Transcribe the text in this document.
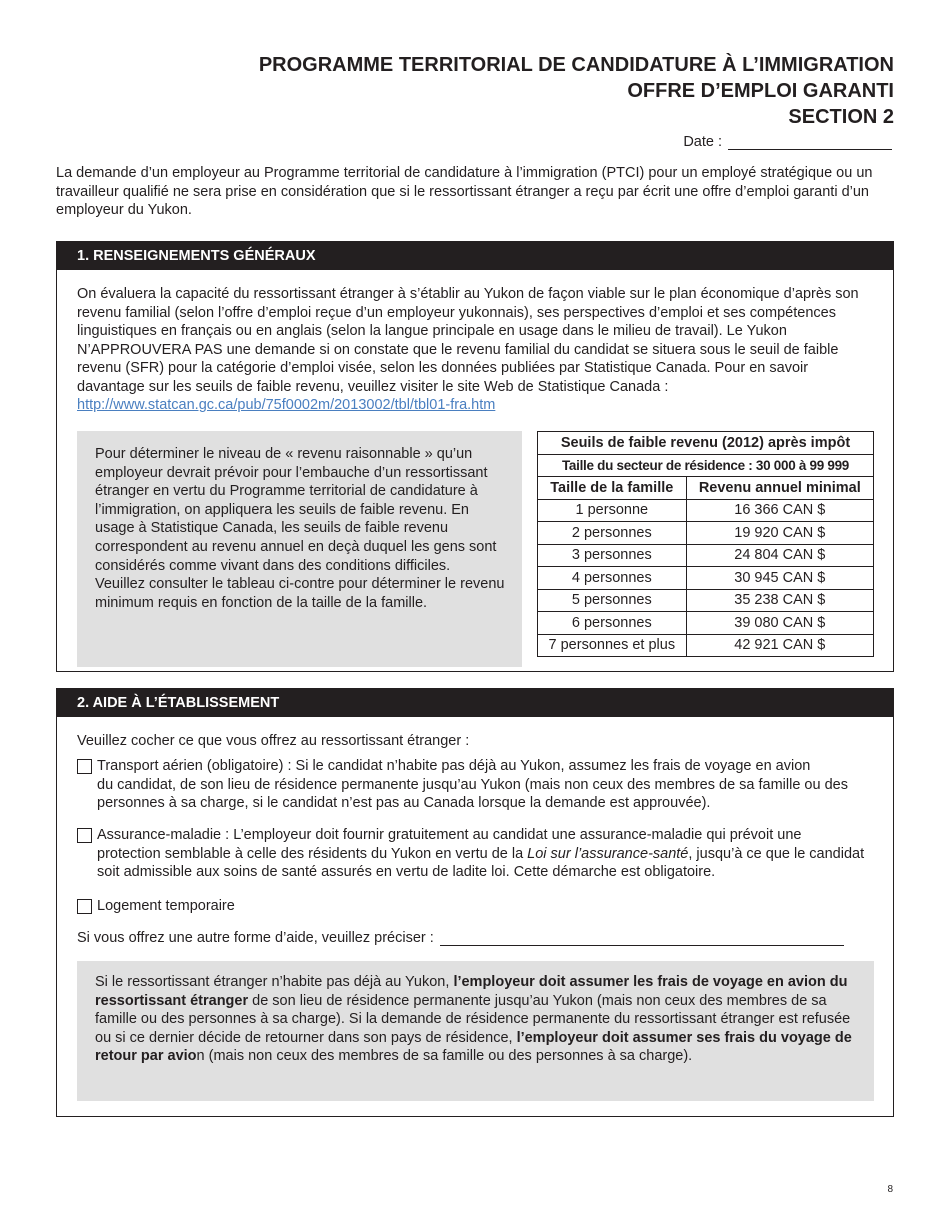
PROGRAMME TERRITORIAL DE CANDIDATURE À L’IMMIGRATION
OFFRE D’EMPLOI GARANTI
SECTION 2
Date :
La demande d’un employeur au Programme territorial de candidature à l’immigration (PTCI) pour un employé stratégique ou un travailleur qualifié ne sera prise en considération que si le ressortissant étranger a reçu par écrit une offre d’emploi garanti d’un employeur du Yukon.
1. RENSEIGNEMENTS GÉNÉRAUX
On évaluera la capacité du ressortissant étranger à s’établir au Yukon de façon viable sur le plan économique d’après son revenu familial (selon l’offre d’emploi reçue d’un employeur yukonnais), ses perspectives d’emploi et ses compétences linguistiques en français ou en anglais (selon la langue principale en usage dans le milieu de travail). Le Yukon N’APPROUVERA PAS une demande si on constate que le revenu familial du candidat se situera sous le seuil de faible revenu (SFR) pour la catégorie d’emploi visée, selon les données publiées par Statistique Canada. Pour en savoir davantage sur les seuils de faible revenu, veuillez visiter le site Web de Statistique Canada :
http://www.statcan.gc.ca/pub/75f0002m/2013002/tbl/tbl01-fra.htm
Pour déterminer le niveau de « revenu raisonnable » qu’un employeur devrait prévoir pour l’embauche d’un ressortissant étranger en vertu du Programme territorial de candidature à l’immigration, on appliquera les seuils de faible revenu. En usage à Statistique Canada, les seuils de faible revenu correspondent au revenu annuel en deçà duquel les gens sont considérés comme vivant dans des conditions difficiles.
Veuillez consulter le tableau ci-contre pour déterminer le revenu minimum requis en fonction de la taille de la famille.
Seuils de faible revenu (2012) après impôt	
Taille du secteur de résidence : 30 000 à 99 999	
Taille de la famille	Revenu annuel minimal
1 personne	16 366 CAN $
2 personnes	19 920 CAN $
3 personnes	24 804 CAN $
4 personnes	30 945 CAN $
5 personnes	35 238 CAN $
6 personnes	39 080 CAN $
7 personnes et plus	42 921 CAN $
2. AIDE À L’ÉTABLISSEMENT
Veuillez cocher ce que vous offrez au ressortissant étranger :
Transport aérien (obligatoire) : Si le candidat n’habite pas déjà au Yukon, assumez les frais de voyage en avion
du candidat, de son lieu de résidence permanente jusqu’au Yukon (mais non ceux des membres de sa famille ou des personnes à sa charge, si le candidat n’est pas au Canada lorsque la demande est approuvée).
Assurance-maladie : L’employeur doit fournir gratuitement au candidat une assurance-maladie qui prévoit une
protection semblable à celle des résidents du Yukon en vertu de la Loi sur l’assurance-santé, jusqu’à ce que le candidat soit admissible aux soins de santé assurés en vertu de ladite loi. Cette démarche est obligatoire.
Logement temporaire
Si vous offrez une autre forme d’aide, veuillez préciser :
Si le ressortissant étranger n’habite pas déjà au Yukon, l’employeur doit assumer les frais de voyage en avion du ressortissant étranger de son lieu de résidence permanente jusqu’au Yukon (mais non ceux des membres de sa famille ou des personnes à sa charge). Si la demande de résidence permanente du ressortissant étranger est refusée ou si ce dernier décide de retourner dans son pays de résidence, l’employeur doit assumer ses frais du voyage de retour par avion (mais non ceux des membres de sa famille ou des personnes à sa charge).
8
